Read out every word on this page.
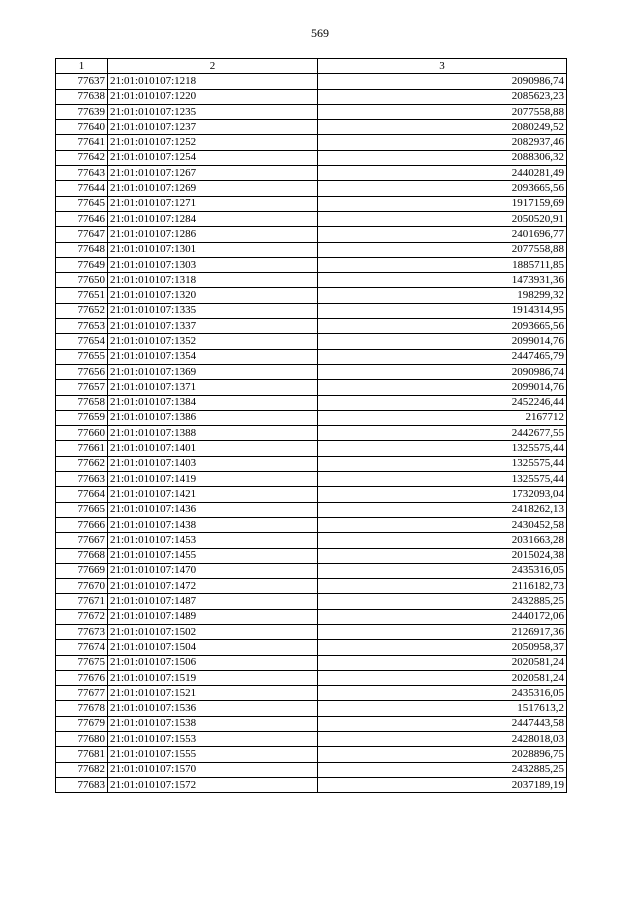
569
1	2	3
77637	21:01:010107:1218	2090986,74
77638	21:01:010107:1220	2085623,23
77639	21:01:010107:1235	2077558,88
77640	21:01:010107:1237	2080249,52
77641	21:01:010107:1252	2082937,46
77642	21:01:010107:1254	2088306,32
77643	21:01:010107:1267	2440281,49
77644	21:01:010107:1269	2093665,56
77645	21:01:010107:1271	1917159,69
77646	21:01:010107:1284	2050520,91
77647	21:01:010107:1286	2401696,77
77648	21:01:010107:1301	2077558,88
77649	21:01:010107:1303	1885711,85
77650	21:01:010107:1318	1473931,36
77651	21:01:010107:1320	198299,32
77652	21:01:010107:1335	1914314,95
77653	21:01:010107:1337	2093665,56
77654	21:01:010107:1352	2099014,76
77655	21:01:010107:1354	2447465,79
77656	21:01:010107:1369	2090986,74
77657	21:01:010107:1371	2099014,76
77658	21:01:010107:1384	2452246,44
77659	21:01:010107:1386	2167712
77660	21:01:010107:1388	2442677,55
77661	21:01:010107:1401	1325575,44
77662	21:01:010107:1403	1325575,44
77663	21:01:010107:1419	1325575,44
77664	21:01:010107:1421	1732093,04
77665	21:01:010107:1436	2418262,13
77666	21:01:010107:1438	2430452,58
77667	21:01:010107:1453	2031663,28
77668	21:01:010107:1455	2015024,38
77669	21:01:010107:1470	2435316,05
77670	21:01:010107:1472	2116182,73
77671	21:01:010107:1487	2432885,25
77672	21:01:010107:1489	2440172,06
77673	21:01:010107:1502	2126917,36
77674	21:01:010107:1504	2050958,37
77675	21:01:010107:1506	2020581,24
77676	21:01:010107:1519	2020581,24
77677	21:01:010107:1521	2435316,05
77678	21:01:010107:1536	1517613,2
77679	21:01:010107:1538	2447443,58
77680	21:01:010107:1553	2428018,03
77681	21:01:010107:1555	2028896,75
77682	21:01:010107:1570	2432885,25
77683	21:01:010107:1572	2037189,19
